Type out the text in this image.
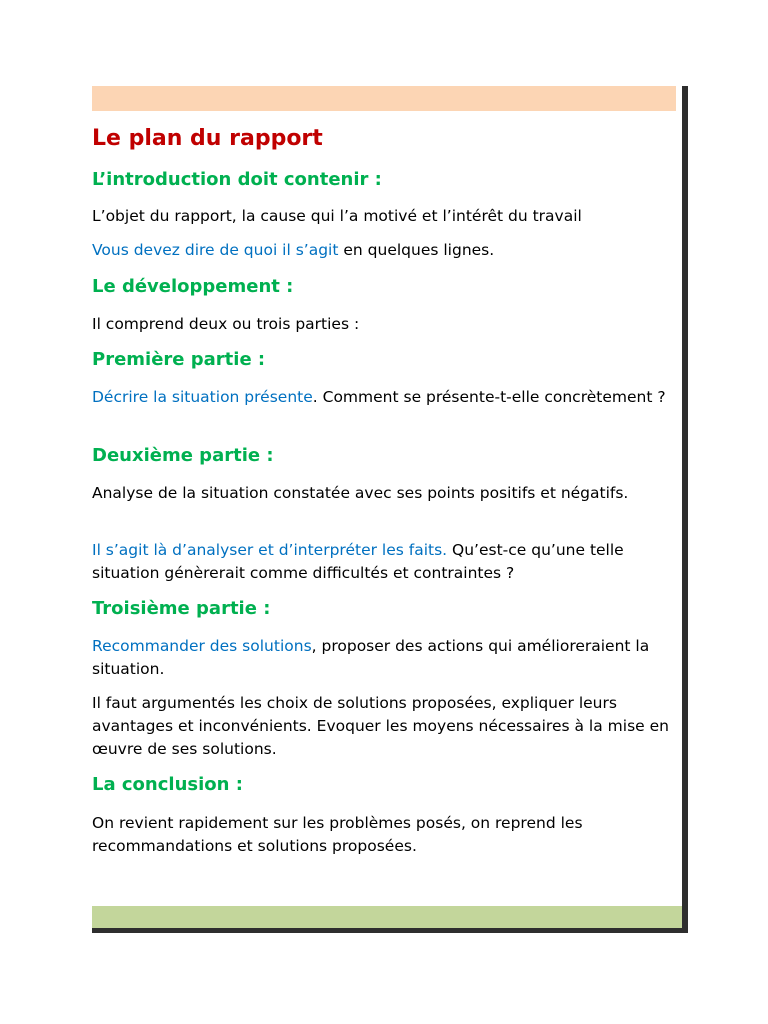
Le plan du rapport
L’introduction doit contenir :

L’objet du rapport, la cause qui l’a motivé et l’intérêt du travail

Vous devez dire de quoi il s’agit en quelques lignes.

Le développement :

Il comprend deux ou trois parties :

Première partie :

Décrire la situation présente. Comment se présente-t-elle concrètement ?

Deuxième partie :

Analyse de la situation constatée avec ses points positifs et négatifs.

Il s’agit là d’analyser et d’interpréter les faits. Qu’est-ce qu’une telle situation génèrerait comme difficultés et contraintes ?

Troisième partie :

Recommander des solutions, proposer des actions qui amélioreraient la situation.

Il faut argumentés les choix de solutions proposées, expliquer leurs avantages et inconvénients. Evoquer les moyens nécessaires à la mise en œuvre de ses solutions.

La conclusion :

On revient rapidement sur les problèmes posés, on reprend les recommandations et solutions proposées.
